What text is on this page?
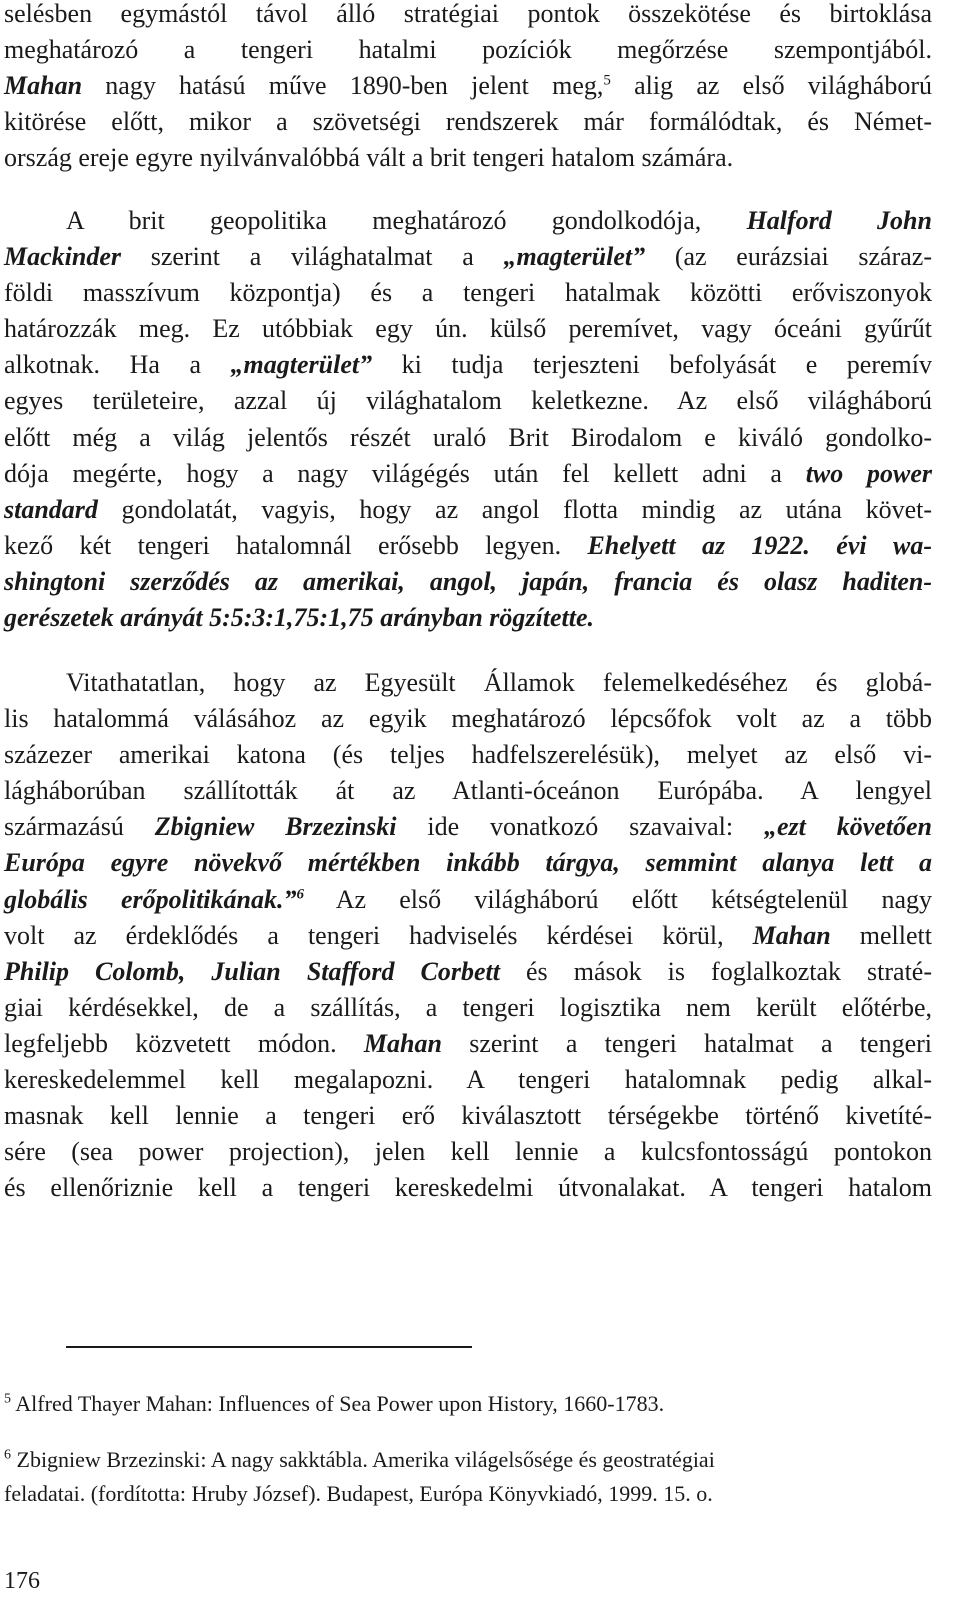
selésben egymástól távol álló stratégiai pontok összekötése és birtoklása
meghatározó a tengeri hatalmi pozíciók megőrzése szempontjából.
Mahan nagy hatású műve 1890-ben jelent meg,$^5$ alig az első világháború
kitörése előtt, mikor a szövetségi rendszerek már formálódtak, és Német-
ország ereje egyre nyilvánvalóbbá vált a brit tengeri hatalom számára.

A brit geopolitika meghatározó gondolkodója, Halford John
Mackinder szerint a világhatalmat a „magterület” (az eurázsiai száraz-
földi masszívum központja) és a tengeri hatalmak közötti erőviszonyok
határozzák meg. Ez utóbbiak egy ún. külső peremívet, vagy óceáni gyűrűt
alkotnak. Ha a „magterület” ki tudja terjeszteni befolyását e peremív
egyes területeire, azzal új világhatalom keletkezne. Az első világháború
előtt még a világ jelentős részét uraló Brit Birodalom e kiváló gondolko-
dója megérte, hogy a nagy világégés után fel kellett adni a two power
standard gondolatát, vagyis, hogy az angol flotta mindig az utána követ-
kező két tengeri hatalomnál erősebb legyen. Ehelyett az 1922. évi wa-
shingtoni szerződés az amerikai, angol, japán, francia és olasz haditen-
gerészetek arányát 5:5:3:1,75:1,75 arányban rögzítette.

Vitathatatlan, hogy az Egyesült Államok felemelkedéséhez és globá-
lis hatalommá válásához az egyik meghatározó lépcsőfok volt az a több
százezer amerikai katona (és teljes hadfelszerelésük), melyet az első vi-
lágháborúban szállították át az Atlanti-óceánon Európába. A lengyel
származású Zbigniew Brzezinski ide vonatkozó szavaival: „ezt követően
Európa egyre növekvő mértékben inkább tárgya, semmint alanya lett a
globális erőpolitikának.”$^6$ Az első világháború előtt kétségtelenül nagy
volt az érdeklődés a tengeri hadviselés kérdései körül, Mahan mellett
Philip Colomb, Julian Stafford Corbett és mások is foglalkoztak straté-
giai kérdésekkel, de a szállítás, a tengeri logisztika nem került előtérbe,
legfeljebb közvetett módon. Mahan szerint a tengeri hatalmat a tengeri
kereskedelemmel kell megalapozni. A tengeri hatalomnak pedig alkal-
masnak kell lennie a tengeri erő kiválasztott térségekbe történő kivetíté-
sére (sea power projection), jelen kell lennie a kulcsfontosságú pontokon
és ellenőriznie kell a tengeri kereskedelmi útvonalakat. A tengeri hatalom

$^5$ Alfred Thayer Mahan: Influences of Sea Power upon History, 1660-1783.

$^6$ Zbigniew Brzezinski: A nagy sakktábla. Amerika világelsősége és geostratégiai
feladatai. (fordította: Hruby József). Budapest, Európa Könyvkiadó, 1999. 15. o.

176
